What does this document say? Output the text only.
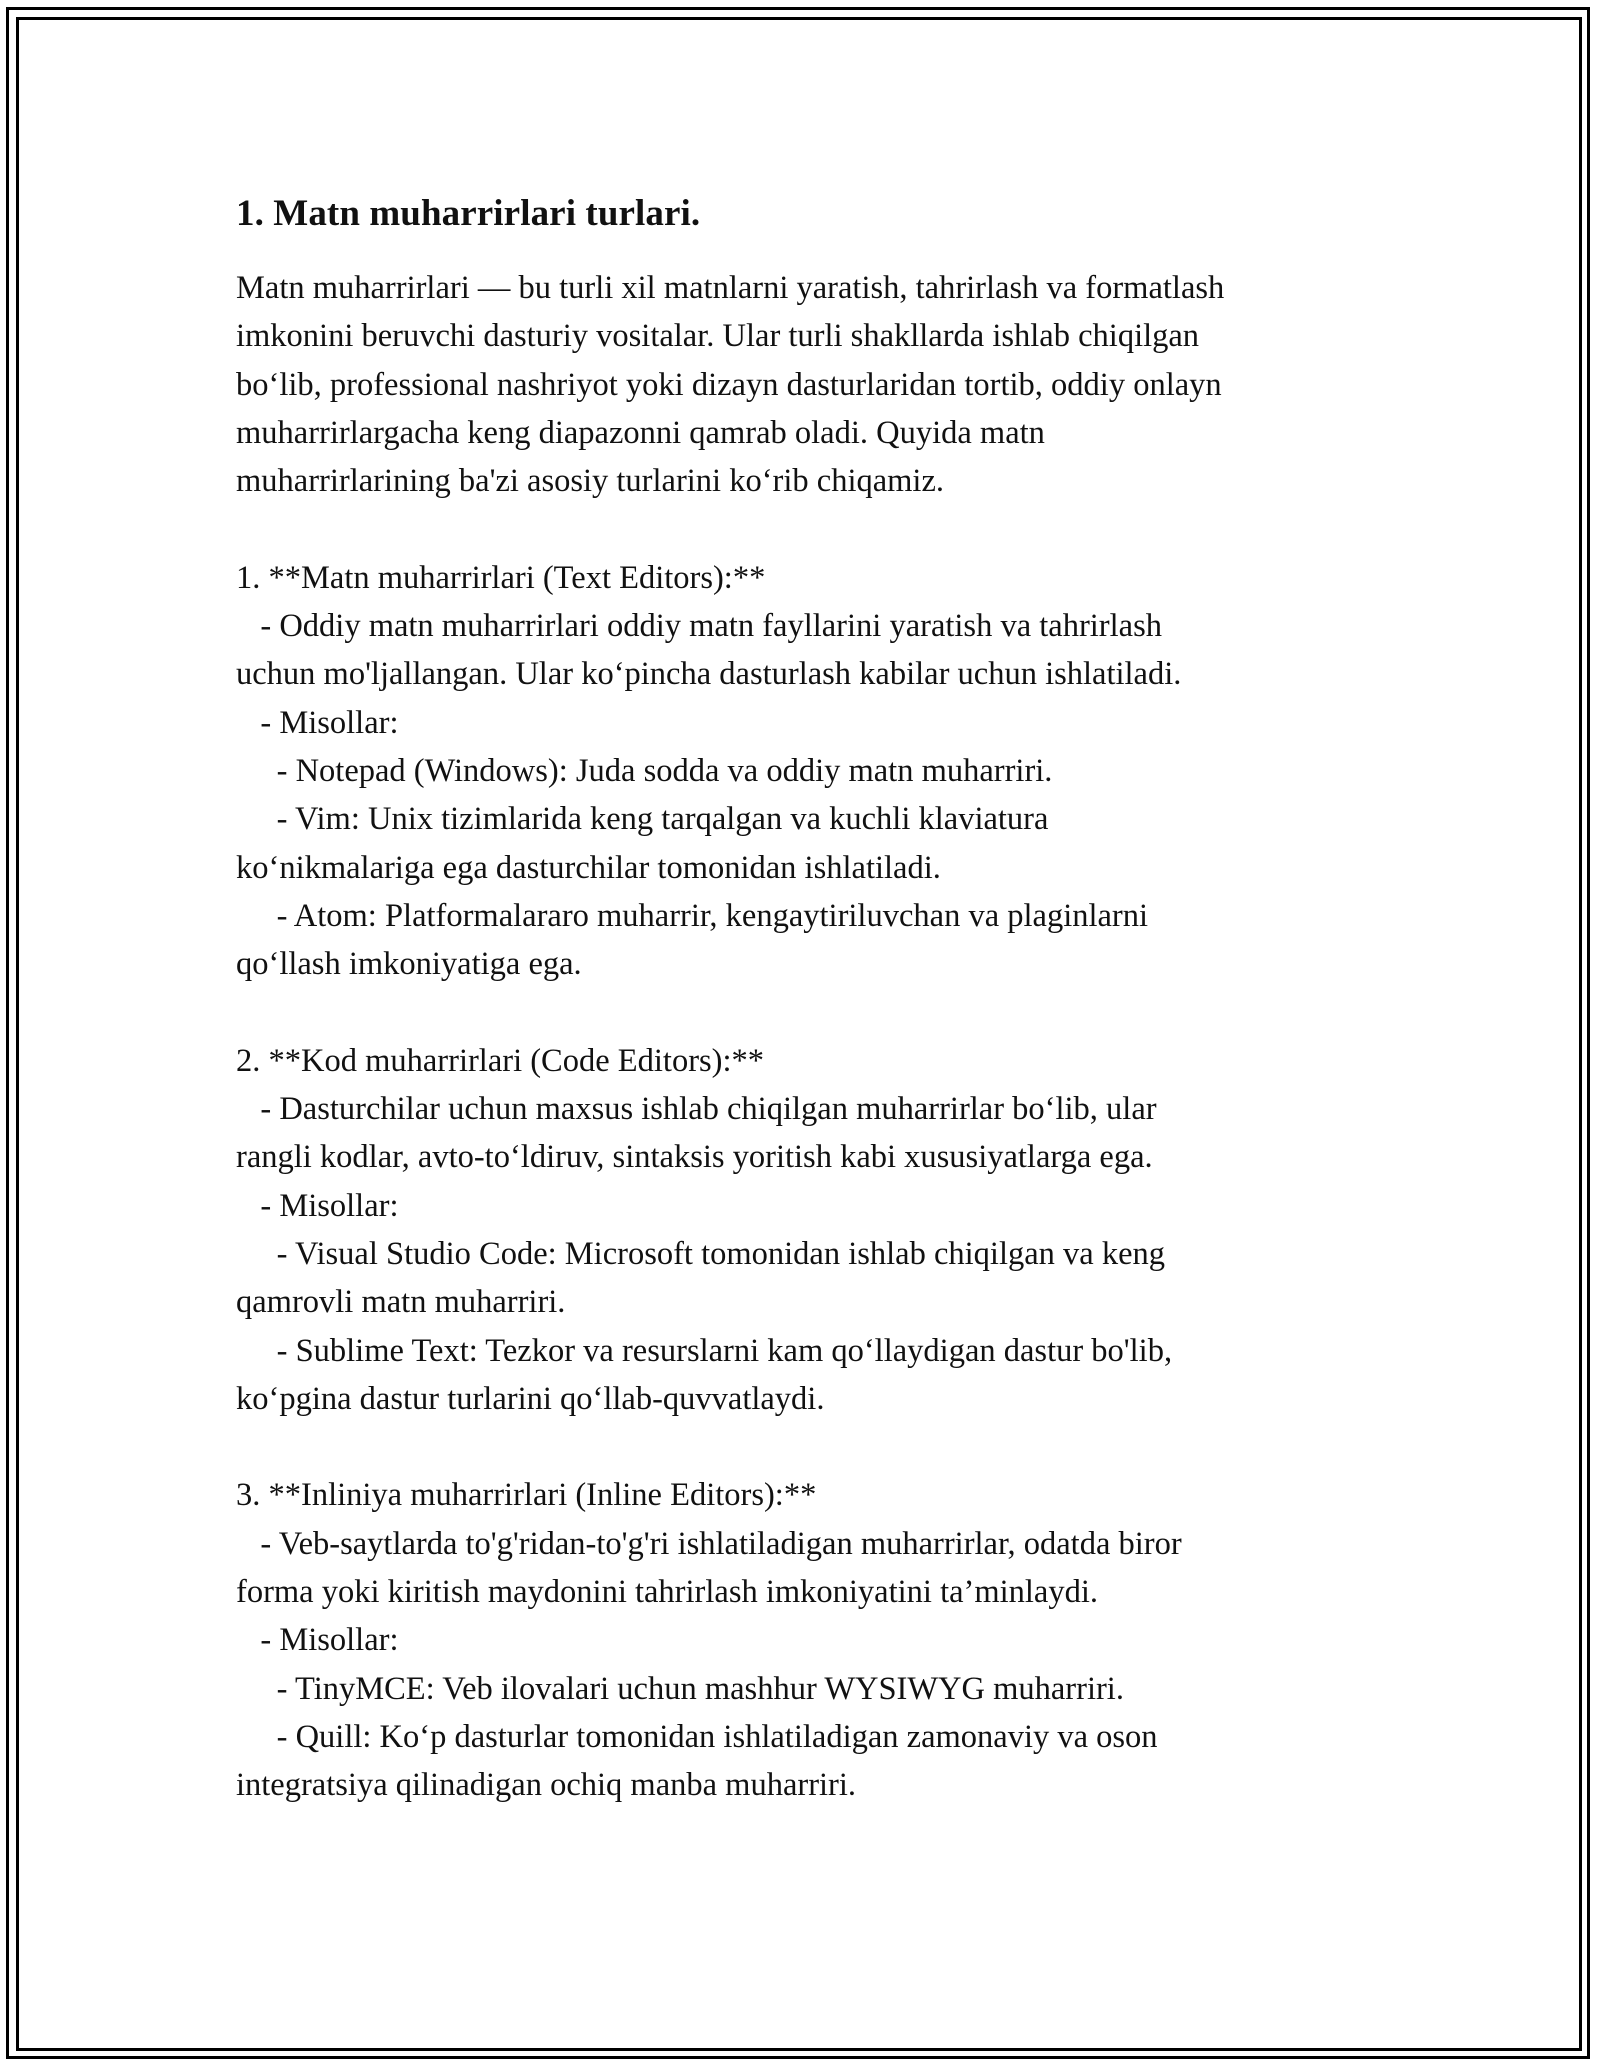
1. Matn muharrirlari turlari.

Matn muharrirlari — bu turli xil matnlarni yaratish, tahrirlash va formatlash

imkonini beruvchi dasturiy vositalar. Ular turli shakllarda ishlab chiqilgan

bo‘lib, professional nashriyot yoki dizayn dasturlaridan tortib, oddiy onlayn

muharrirlargacha keng diapazonni qamrab oladi. Quyida matn

muharrirlarining ba'zi asosiy turlarini ko‘rib chiqamiz.

1. **Matn muharrirlari (Text Editors):**

- Oddiy matn muharrirlari oddiy matn fayllarini yaratish va tahrirlash

uchun mo'ljallangan. Ular ko‘pincha dasturlash kabilar uchun ishlatiladi.

- Misollar:

- Notepad (Windows): Juda sodda va oddiy matn muharriri.

- Vim: Unix tizimlarida keng tarqalgan va kuchli klaviatura

ko‘nikmalariga ega dasturchilar tomonidan ishlatiladi.

- Atom: Platformalararo muharrir, kengaytiriluvchan va plaginlarni

qo‘llash imkoniyatiga ega.

2. **Kod muharrirlari (Code Editors):**

- Dasturchilar uchun maxsus ishlab chiqilgan muharrirlar bo‘lib, ular

rangli kodlar, avto-to‘ldiruv, sintaksis yoritish kabi xususiyatlarga ega.

- Misollar:

- Visual Studio Code: Microsoft tomonidan ishlab chiqilgan va keng

qamrovli matn muharriri.

- Sublime Text: Tezkor va resurslarni kam qo‘llaydigan dastur bo'lib,

ko‘pgina dastur turlarini qo‘llab-quvvatlaydi.

3. **Inliniya muharrirlari (Inline Editors):**

- Veb-saytlarda to'g'ridan-to'g'ri ishlatiladigan muharrirlar, odatda biror

forma yoki kiritish maydonini tahrirlash imkoniyatini ta’minlaydi.

- Misollar:

- TinyMCE: Veb ilovalari uchun mashhur WYSIWYG muharriri.

- Quill: Ko‘p dasturlar tomonidan ishlatiladigan zamonaviy va oson

integratsiya qilinadigan ochiq manba muharriri.
